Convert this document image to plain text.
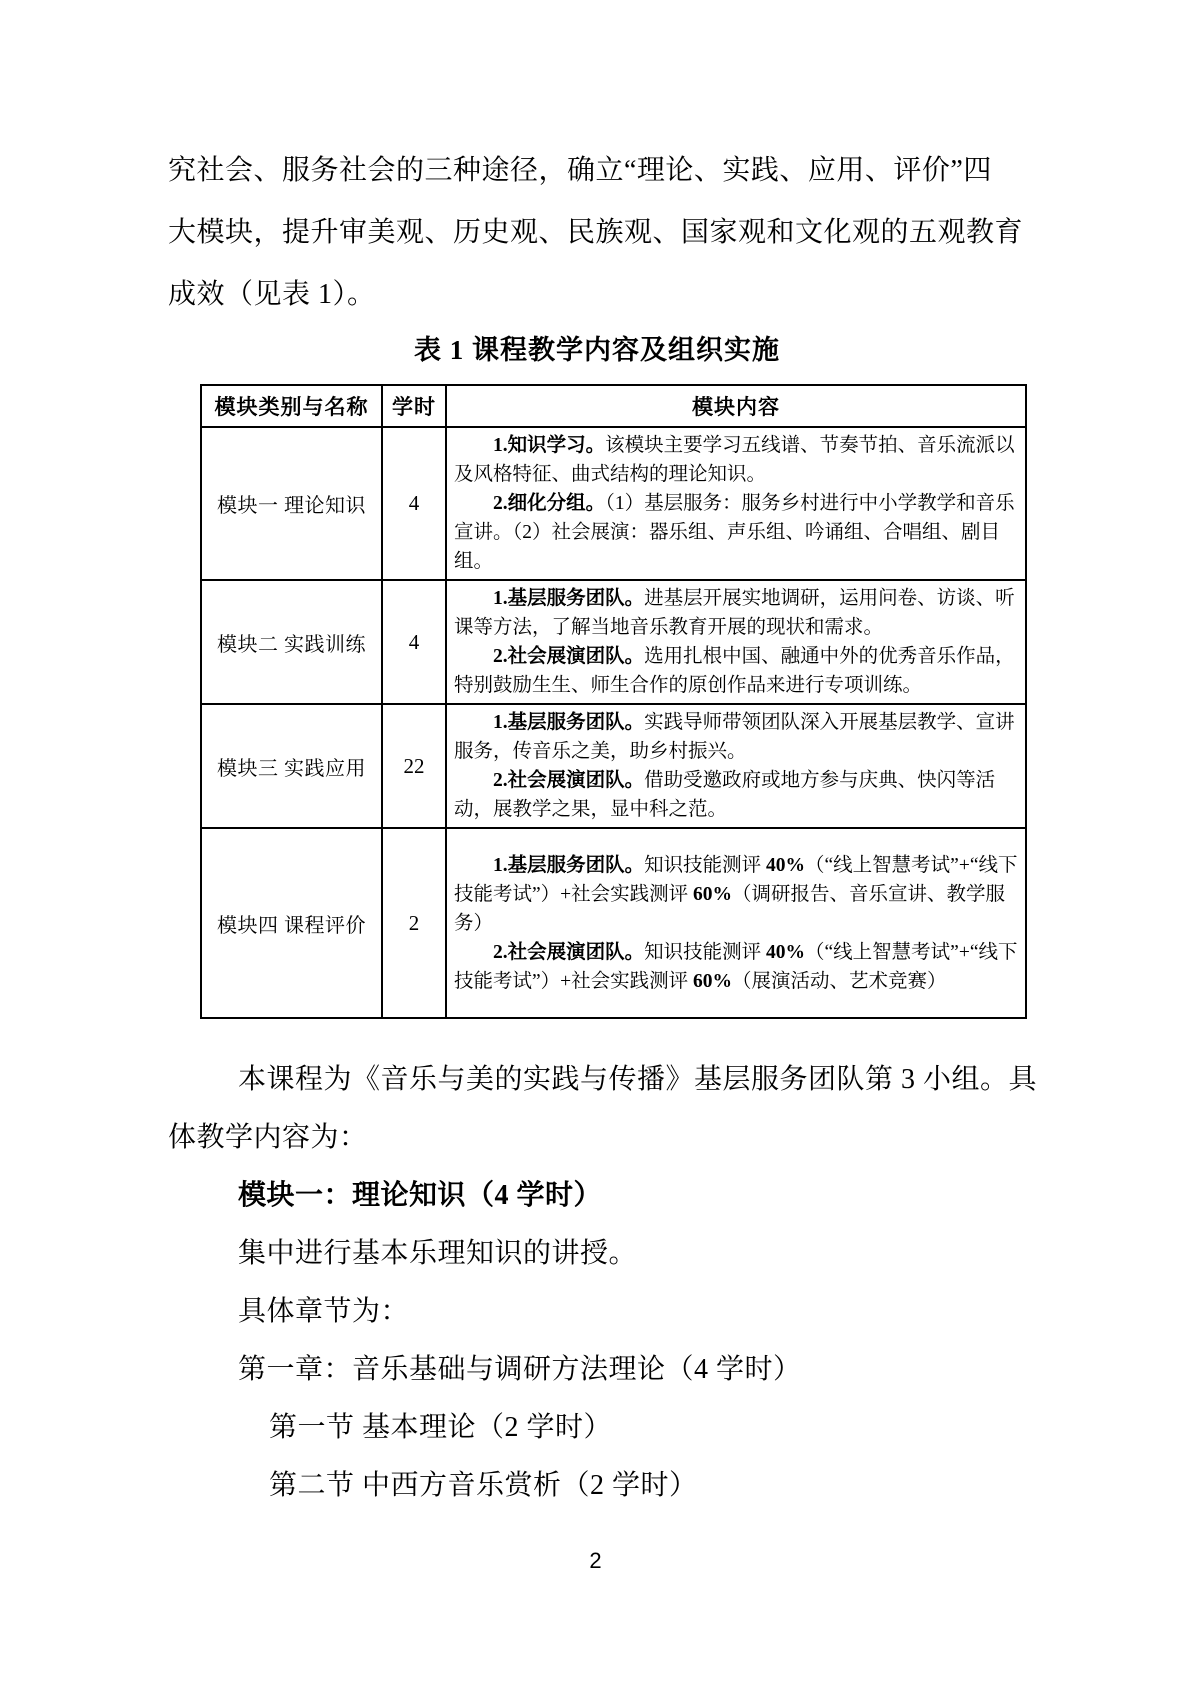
究社会、服务社会的三种途径，确立“理论、实践、应用、评价”四
大模块，提升审美观、历史观、民族观、国家观和文化观的五观教育
成效（见表 1）。
表 1 课程教学内容及组织实施
模块类别与名称	学时	模块内容
模块一 理论知识	4	1.知识学习。该模块主要学习五线谱、节奏节拍、音乐流派以及风格特征、曲式结构的理论知识。
2.细化分组。（1）基层服务：服务乡村进行中小学教学和音乐宣讲。（2）社会展演：器乐组、声乐组、吟诵组、合唱组、剧目组。

模块二 实践训练	4	1.基层服务团队。进基层开展实地调研，运用问卷、访谈、听课等方法，了解当地音乐教育开展的现状和需求。
2.社会展演团队。选用扎根中国、融通中外的优秀音乐作品，特别鼓励生生、师生合作的原创作品来进行专项训练。

模块三 实践应用	22	1.基层服务团队。实践导师带领团队深入开展基层教学、宣讲服务，传音乐之美，助乡村振兴。
2.社会展演团队。借助受邀政府或地方参与庆典、快闪等活动，展教学之果，显中科之范。

模块四 课程评价	2	1.基层服务团队。知识技能测评 40%（“线上智慧考试”+“线下技能考试”）+社会实践测评 60%（调研报告、音乐宣讲、教学服务）
2.社会展演团队。知识技能测评 40%（“线上智慧考试”+“线下技能考试”）+社会实践测评 60%（展演活动、艺术竞赛）
本课程为《音乐与美的实践与传播》基层服务团队第 3 小组。具
体教学内容为：
模块一：理论知识（4 学时）
集中进行基本乐理知识的讲授。
具体章节为：
第一章：音乐基础与调研方法理论（4 学时）
第一节 基本理论（2 学时）
第二节 中西方音乐赏析（2 学时）
2
